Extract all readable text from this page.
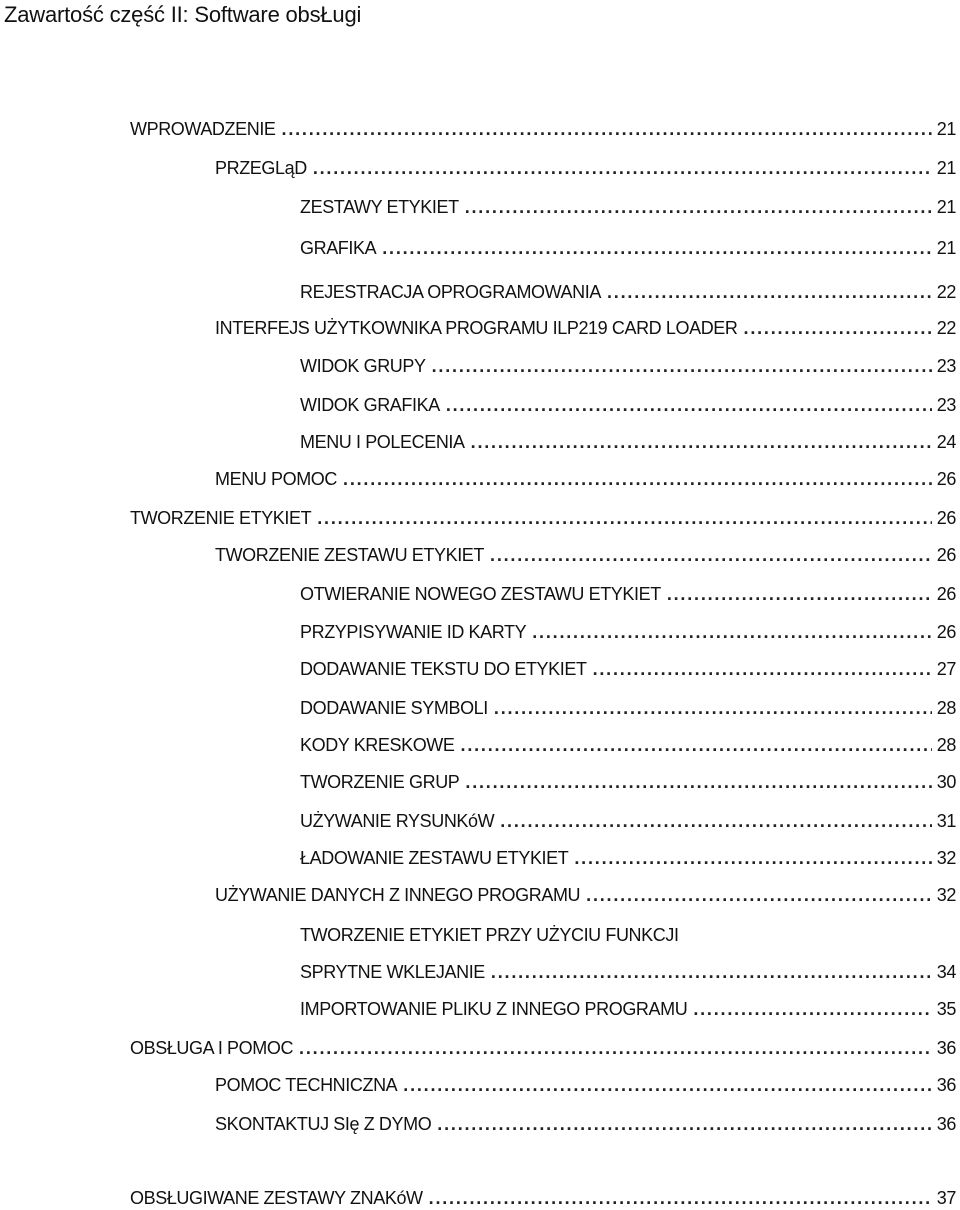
Zawartość część II: Software obsŁugi
WPROWADZENIE . . .	21
PRZEGLąD . . .	21
ZESTAWY ETYKIET . . .	21
GRAFIKA . . .	21
REJESTRACJA OPROGRAMOWANIA . . .	22
INTERFEJS UŻYTKOWNIKA PROGRAMU ILP219 CARD LOADER . . .	22
WIDOK GRUPY . . .	23
WIDOK GRAFIKA . . .	23
MENU I POLECENIA . . .	24
MENU POMOC . . .	26
TWORZENIE ETYKIET . . .	26
TWORZENIE ZESTAWU ETYKIET . . .	26
OTWIERANIE NOWEGO ZESTAWU ETYKIET . . .	26
PRZYPISYWANIE ID KARTY . . .	26
DODAWANIE TEKSTU DO ETYKIET . . .	27
DODAWANIE SYMBOLI . . .	28
KODY KRESKOWE . . .	28
TWORZENIE GRUP . . .	30
UŻYWANIE RYSUNKóW . . .	31
ŁADOWANIE ZESTAWU ETYKIET . . .	32
UŻYWANIE DANYCH Z INNEGO PROGRAMU . . .	32
TWORZENIE ETYKIET PRZY UŻYCIU FUNKCJI
SPRYTNE WKLEJANIE . . .	34
IMPORTOWANIE PLIKU Z INNEGO PROGRAMU . . .	35
OBSŁUGA I POMOC . . .	36
POMOC TECHNICZNA . . .	36
SKONTAKTUJ SIę Z DYMO . . .	36
OBSŁUGIWANE ZESTAWY ZNAKóW . . .	37
